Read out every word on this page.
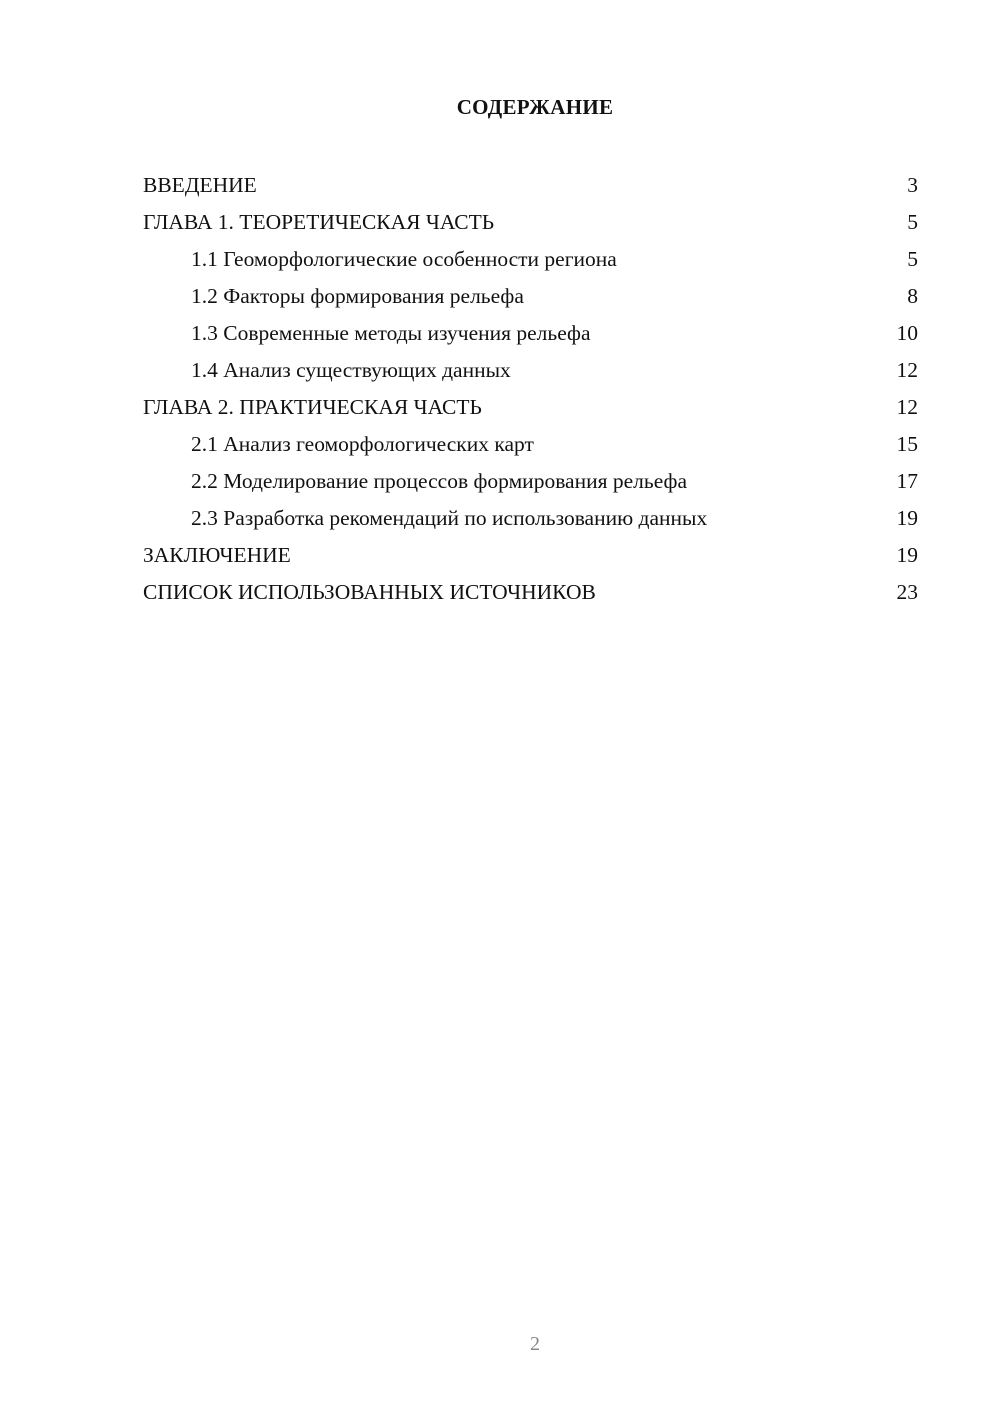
СОДЕРЖАНИЕ
ВВЕДЕНИЕ	3
ГЛАВА 1. ТЕОРЕТИЧЕСКАЯ ЧАСТЬ	5
1.1 Геоморфологические особенности региона	5
1.2 Факторы формирования рельефа	8
1.3 Современные методы изучения рельефа	10
1.4 Анализ существующих данных	12
ГЛАВА 2. ПРАКТИЧЕСКАЯ ЧАСТЬ	12
2.1 Анализ геоморфологических карт	15
2.2 Моделирование процессов формирования рельефа	17
2.3 Разработка рекомендаций по использованию данных	19
ЗАКЛЮЧЕНИЕ	19
СПИСОК ИСПОЛЬЗОВАННЫХ ИСТОЧНИКОВ	23
2
